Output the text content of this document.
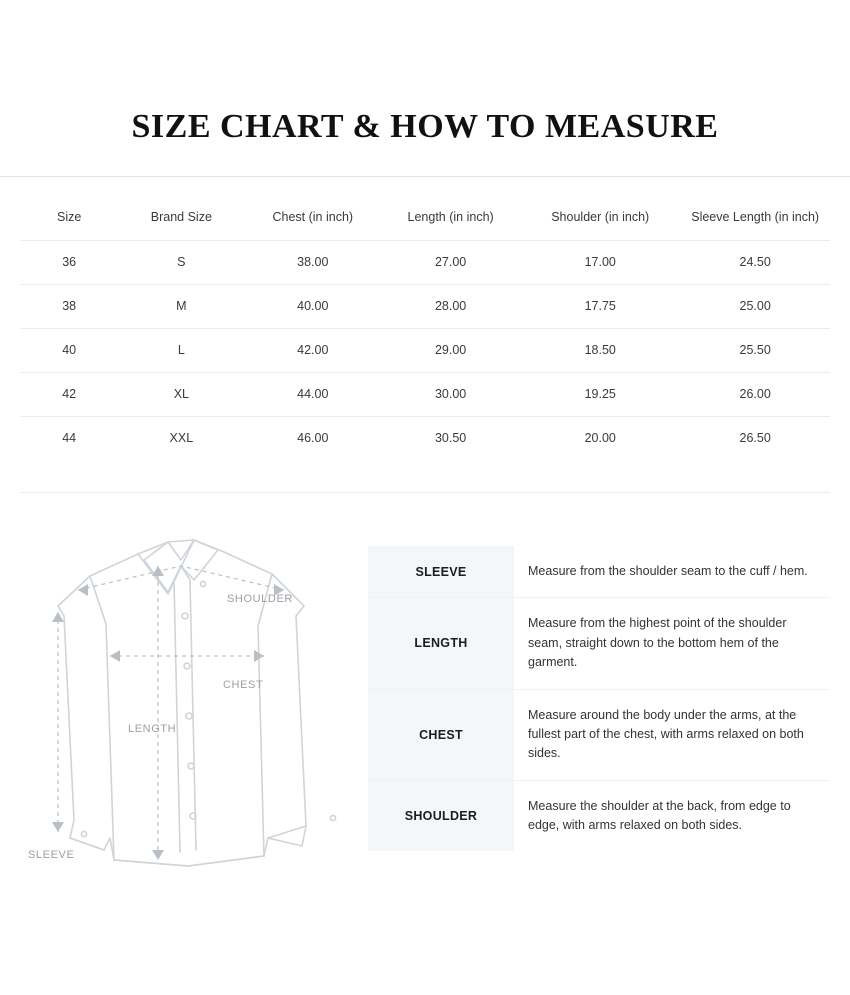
SIZE CHART & HOW TO MEASURE
Size	Brand Size	Chest (in inch)	Length (in inch)	Shoulder (in inch)	Sleeve Length (in inch)
36	S	38.00	27.00	17.00	24.50
38	M	40.00	28.00	17.75	25.00
40	L	42.00	29.00	18.50	25.50
42	XL	44.00	30.00	19.25	26.00
44	XXL	46.00	30.50	20.00	26.50
SHOULDER
CHEST
LENGTH
SLEEVE
SLEEVE	Measure from the shoulder seam to the cuff / hem.
LENGTH	Measure from the highest point of the shoulder seam, straight down to the bottom hem of the garment.
CHEST	Measure around the body under the arms, at the fullest part of the chest, with arms relaxed on both sides.
SHOULDER	Measure the shoulder at the back, from edge to edge, with arms relaxed on both sides.
